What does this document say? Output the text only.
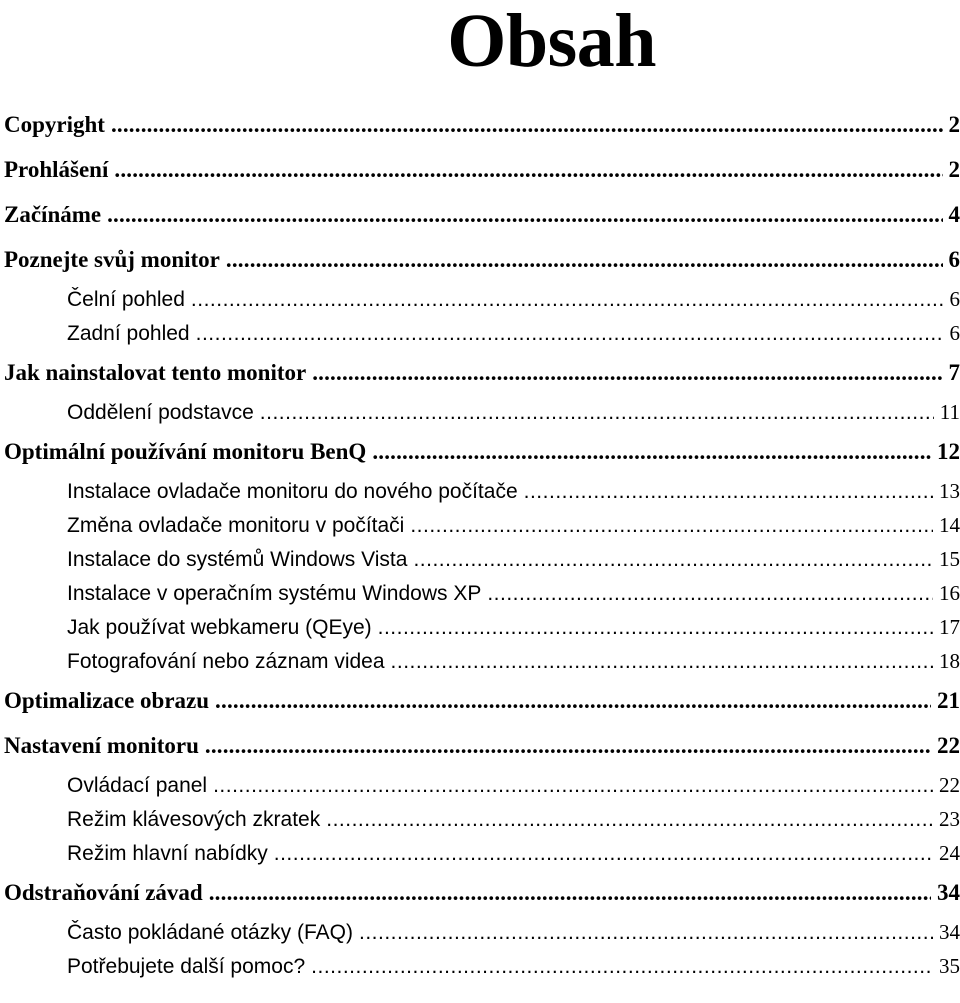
Obsah
Copyright .....	2
Prohlášení .....	2
Začínáme .....	4
Poznejte svůj monitor .....	6
Čelní pohled .....	6
Zadní pohled .....	6
Jak nainstalovat tento monitor .....	7
Oddělení podstavce .....	11
Optimální používání monitoru BenQ .....	12
Instalace ovladače monitoru do nového počítače .....	13
Změna ovladače monitoru v počítači .....	14
Instalace do systémů Windows Vista .....	15
Instalace v operačním systému Windows XP .....	16
Jak používat webkameru (QEye) .....	17
Fotografování nebo záznam videa .....	18
Optimalizace obrazu .....	21
Nastavení monitoru .....	22
Ovládací panel .....	22
Režim klávesových zkratek .....	23
Režim hlavní nabídky .....	24
Odstraňování závad .....	34
Často pokládané otázky (FAQ) .....	34
Potřebujete další pomoc? .....	35
